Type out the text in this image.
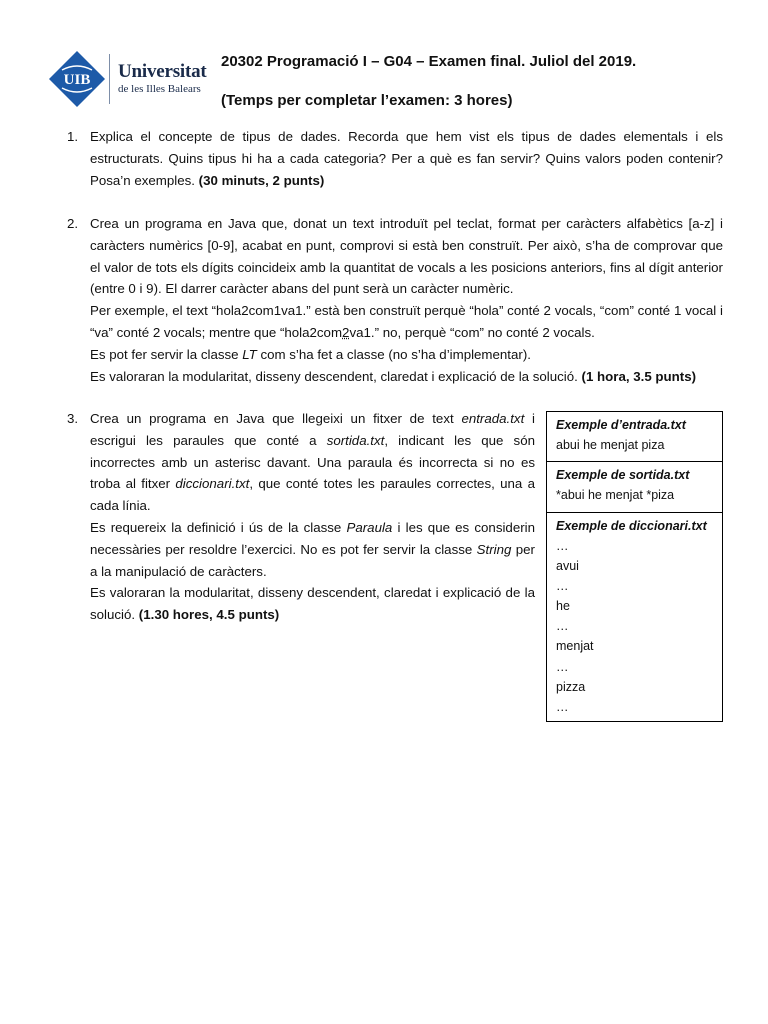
UIB Universitat
de les Illes Balears
20302 Programació I – G04 – Examen final. Juliol del 2019.
(Temps per completar l’examen: 3 hores)
1. Explica el concepte de tipus de dades. Recorda que hem vist els tipus de dades elementals i els estructurats. Quins tipus hi ha a cada categoria? Per a què es fan servir? Quins valors poden contenir? Posa’n exemples. (30 minuts, 2 punts)

2. Crea un programa en Java que, donat un text introduït pel teclat, format per caràcters alfabètics [a-z] i caràcters numèrics [0-9], acabat en punt, comprovi si està ben construït. Per això, s’ha de comprovar que el valor de tots els dígits coincideix amb la quantitat de vocals a les posicions anteriors, fins al dígit anterior (entre 0 i 9). El darrer caràcter abans del punt serà un caràcter numèric.

Per exemple, el text “hola2com1va1.” està ben construït perquè “hola” conté 2 vocals, “com” conté 1 vocal i “va” conté 2 vocals; mentre que “hola2com2va1.” no, perquè “com” no conté 2 vocals.

Es pot fer servir la classe LT com s’ha fet a classe (no s’ha d’implementar).

Es valoraran la modularitat, disseny descendent, claredat i explicació de la solució. (1 hora, 3.5 punts)

3. Crea un programa en Java que llegeixi un fitxer de text entrada.txt i escrigui les paraules que conté a sortida.txt, indicant les que són incorrectes amb un asterisc davant. Una paraula és incorrecta si no es troba al fitxer diccionari.txt, que conté totes les paraules correctes, una a cada línia.

Es requereix la definició i ús de la classe Paraula i les que es considerin necessàries per resoldre l’exercici. No es pot fer servir la classe String per a la manipulació de caràcters.

Es valoraran la modularitat, disseny descendent, claredat i explicació de la solució. (1.30 hores, 4.5 punts)

Exemple d’entrada.txt
abui he menjat piza
Exemple de sortida.txt
*abui he menjat *piza
Exemple de diccionari.txt
…
avui
…
he
…
menjat
…
pizza
…
